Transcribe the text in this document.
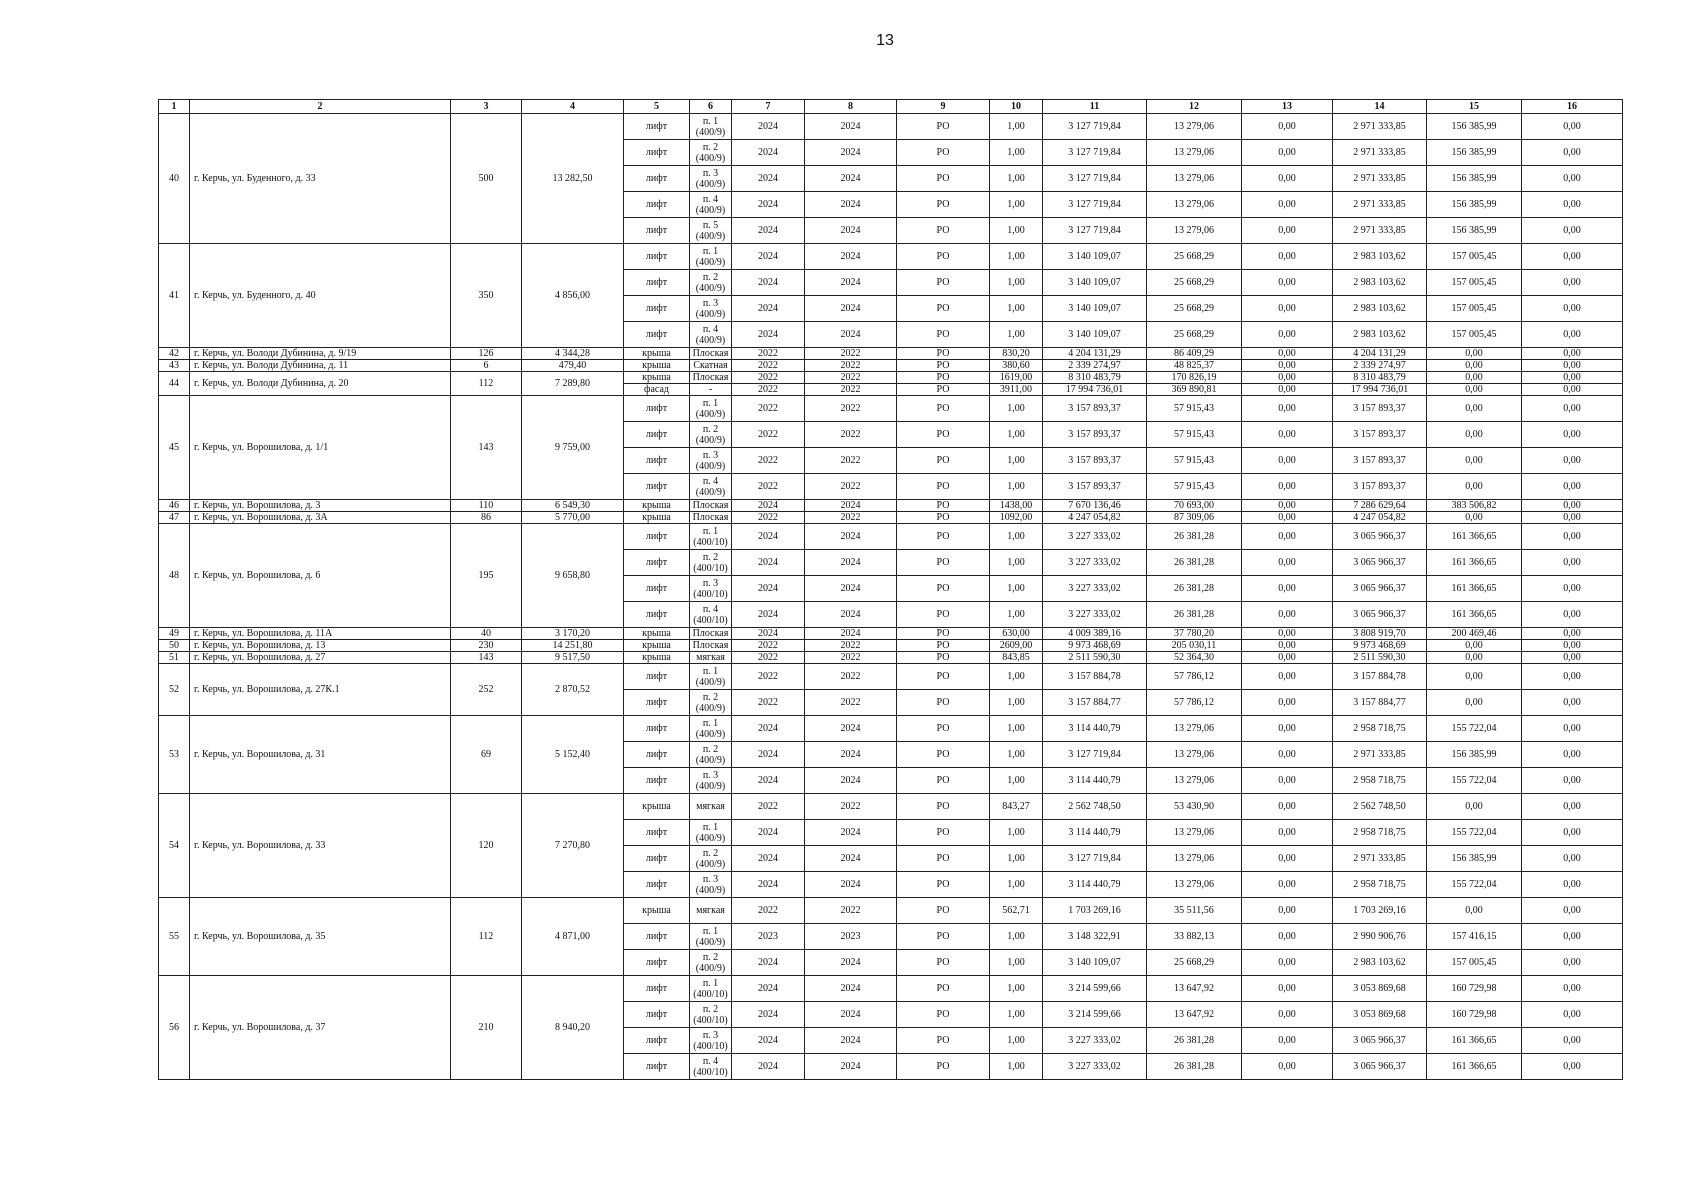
13
1	2	3	4	5	6	7	8	9	10	11	12	13	14	15	16
40	г. Керчь, ул. Буденного, д. 33	500	13 282,50	лифт	п. 1 (400/9)	2024	2024	РО	1,00	3 127 719,84	13 279,06	0,00	2 971 333,85	156 385,99	0,00
				лифт	п. 2 (400/9)	2024	2024	РО	1,00	3 127 719,84	13 279,06	0,00	2 971 333,85	156 385,99	0,00
				лифт	п. 3 (400/9)	2024	2024	РО	1,00	3 127 719,84	13 279,06	0,00	2 971 333,85	156 385,99	0,00
				лифт	п. 4 (400/9)	2024	2024	РО	1,00	3 127 719,84	13 279,06	0,00	2 971 333,85	156 385,99	0,00
				лифт	п. 5 (400/9)	2024	2024	РО	1,00	3 127 719,84	13 279,06	0,00	2 971 333,85	156 385,99	0,00
41	г. Керчь, ул. Буденного, д. 40	350	4 856,00	лифт	п. 1 (400/9)	2024	2024	РО	1,00	3 140 109,07	25 668,29	0,00	2 983 103,62	157 005,45	0,00
				лифт	п. 2 (400/9)	2024	2024	РО	1,00	3 140 109,07	25 668,29	0,00	2 983 103,62	157 005,45	0,00
				лифт	п. 3 (400/9)	2024	2024	РО	1,00	3 140 109,07	25 668,29	0,00	2 983 103,62	157 005,45	0,00
				лифт	п. 4 (400/9)	2024	2024	РО	1,00	3 140 109,07	25 668,29	0,00	2 983 103,62	157 005,45	0,00
42	г. Керчь, ул. Володи Дубинина, д. 9/19	126	4 344,28	крыша	Плоская	2022	2022	РО	830,20	4 204 131,29	86 409,29	0,00	4 204 131,29	0,00	0,00
43	г. Керчь, ул. Володи Дубинина, д. 11	6	479,40	крыша	Скатная	2022	2022	РО	380,60	2 339 274,97	48 825,37	0,00	2 339 274,97	0,00	0,00
44	г. Керчь, ул. Володи Дубинина, д. 20	112	7 289,80	крыша	Плоская	2022	2022	РО	1619,00	8 310 483,79	170 826,19	0,00	8 310 483,79	0,00	0,00
				фасад	-	2022	2022	РО	3911,00	17 994 736,01	369 890,81	0,00	17 994 736,01	0,00	0,00
45	г. Керчь, ул. Ворошилова, д. 1/1	143	9 759,00	лифт	п. 1 (400/9)	2022	2022	РО	1,00	3 157 893,37	57 915,43	0,00	3 157 893,37	0,00	0,00
				лифт	п. 2 (400/9)	2022	2022	РО	1,00	3 157 893,37	57 915,43	0,00	3 157 893,37	0,00	0,00
				лифт	п. 3 (400/9)	2022	2022	РО	1,00	3 157 893,37	57 915,43	0,00	3 157 893,37	0,00	0,00
				лифт	п. 4 (400/9)	2022	2022	РО	1,00	3 157 893,37	57 915,43	0,00	3 157 893,37	0,00	0,00
46	г. Керчь, ул. Ворошилова, д. 3	110	6 549,30	крыша	Плоская	2024	2024	РО	1438,00	7 670 136,46	70 693,00	0,00	7 286 629,64	383 506,82	0,00
47	г. Керчь, ул. Ворошилова, д. 3А	86	5 770,00	крыша	Плоская	2022	2022	РО	1092,00	4 247 054,82	87 309,06	0,00	4 247 054,82	0,00	0,00
48	г. Керчь, ул. Ворошилова, д. 6	195	9 658,80	лифт	п. 1 (400/10)	2024	2024	РО	1,00	3 227 333,02	26 381,28	0,00	3 065 966,37	161 366,65	0,00
				лифт	п. 2 (400/10)	2024	2024	РО	1,00	3 227 333,02	26 381,28	0,00	3 065 966,37	161 366,65	0,00
				лифт	п. 3 (400/10)	2024	2024	РО	1,00	3 227 333,02	26 381,28	0,00	3 065 966,37	161 366,65	0,00
				лифт	п. 4 (400/10)	2024	2024	РО	1,00	3 227 333,02	26 381,28	0,00	3 065 966,37	161 366,65	0,00
49	г. Керчь, ул. Ворошилова, д. 11А	40	3 170,20	крыша	Плоская	2024	2024	РО	630,00	4 009 389,16	37 780,20	0,00	3 808 919,70	200 469,46	0,00
50	г. Керчь, ул. Ворошилова, д. 13	230	14 251,80	крыша	Плоская	2022	2022	РО	2609,00	9 973 468,69	205 030,11	0,00	9 973 468,69	0,00	0,00
51	г. Керчь, ул. Ворошилова, д. 27	143	9 517,50	крыша	мягкая	2022	2022	РО	843,85	2 511 590,30	52 364,30	0,00	2 511 590,30	0,00	0,00
52	г. Керчь, ул. Ворошилова, д. 27К.1	252	2 870,52	лифт	п. 1 (400/9)	2022	2022	РО	1,00	3 157 884,78	57 786,12	0,00	3 157 884,78	0,00	0,00
				лифт	п. 2 (400/9)	2022	2022	РО	1,00	3 157 884,77	57 786,12	0,00	3 157 884,77	0,00	0,00
53	г. Керчь, ул. Ворошилова, д. 31	69	5 152,40	лифт	п. 1 (400/9)	2024	2024	РО	1,00	3 114 440,79	13 279,06	0,00	2 958 718,75	155 722,04	0,00
				лифт	п. 2 (400/9)	2024	2024	РО	1,00	3 127 719,84	13 279,06	0,00	2 971 333,85	156 385,99	0,00
				лифт	п. 3 (400/9)	2024	2024	РО	1,00	3 114 440,79	13 279,06	0,00	2 958 718,75	155 722,04	0,00
54	г. Керчь, ул. Ворошилова, д. 33	120	7 270,80	крыша	мягкая	2022	2022	РО	843,27	2 562 748,50	53 430,90	0,00	2 562 748,50	0,00	0,00
				лифт	п. 1 (400/9)	2024	2024	РО	1,00	3 114 440,79	13 279,06	0,00	2 958 718,75	155 722,04	0,00
				лифт	п. 2 (400/9)	2024	2024	РО	1,00	3 127 719,84	13 279,06	0,00	2 971 333,85	156 385,99	0,00
				лифт	п. 3 (400/9)	2024	2024	РО	1,00	3 114 440,79	13 279,06	0,00	2 958 718,75	155 722,04	0,00
55	г. Керчь, ул. Ворошилова, д. 35	112	4 871,00	крыша	мягкая	2022	2022	РО	562,71	1 703 269,16	35 511,56	0,00	1 703 269,16	0,00	0,00
				лифт	п. 1 (400/9)	2023	2023	РО	1,00	3 148 322,91	33 882,13	0,00	2 990 906,76	157 416,15	0,00
				лифт	п. 2 (400/9)	2024	2024	РО	1,00	3 140 109,07	25 668,29	0,00	2 983 103,62	157 005,45	0,00
56	г. Керчь, ул. Ворошилова, д. 37	210	8 940,20	лифт	п. 1 (400/10)	2024	2024	РО	1,00	3 214 599,66	13 647,92	0,00	3 053 869,68	160 729,98	0,00
				лифт	п. 2 (400/10)	2024	2024	РО	1,00	3 214 599,66	13 647,92	0,00	3 053 869,68	160 729,98	0,00
				лифт	п. 3 (400/10)	2024	2024	РО	1,00	3 227 333,02	26 381,28	0,00	3 065 966,37	161 366,65	0,00
				лифт	п. 4 (400/10)	2024	2024	РО	1,00	3 227 333,02	26 381,28	0,00	3 065 966,37	161 366,65	0,00
